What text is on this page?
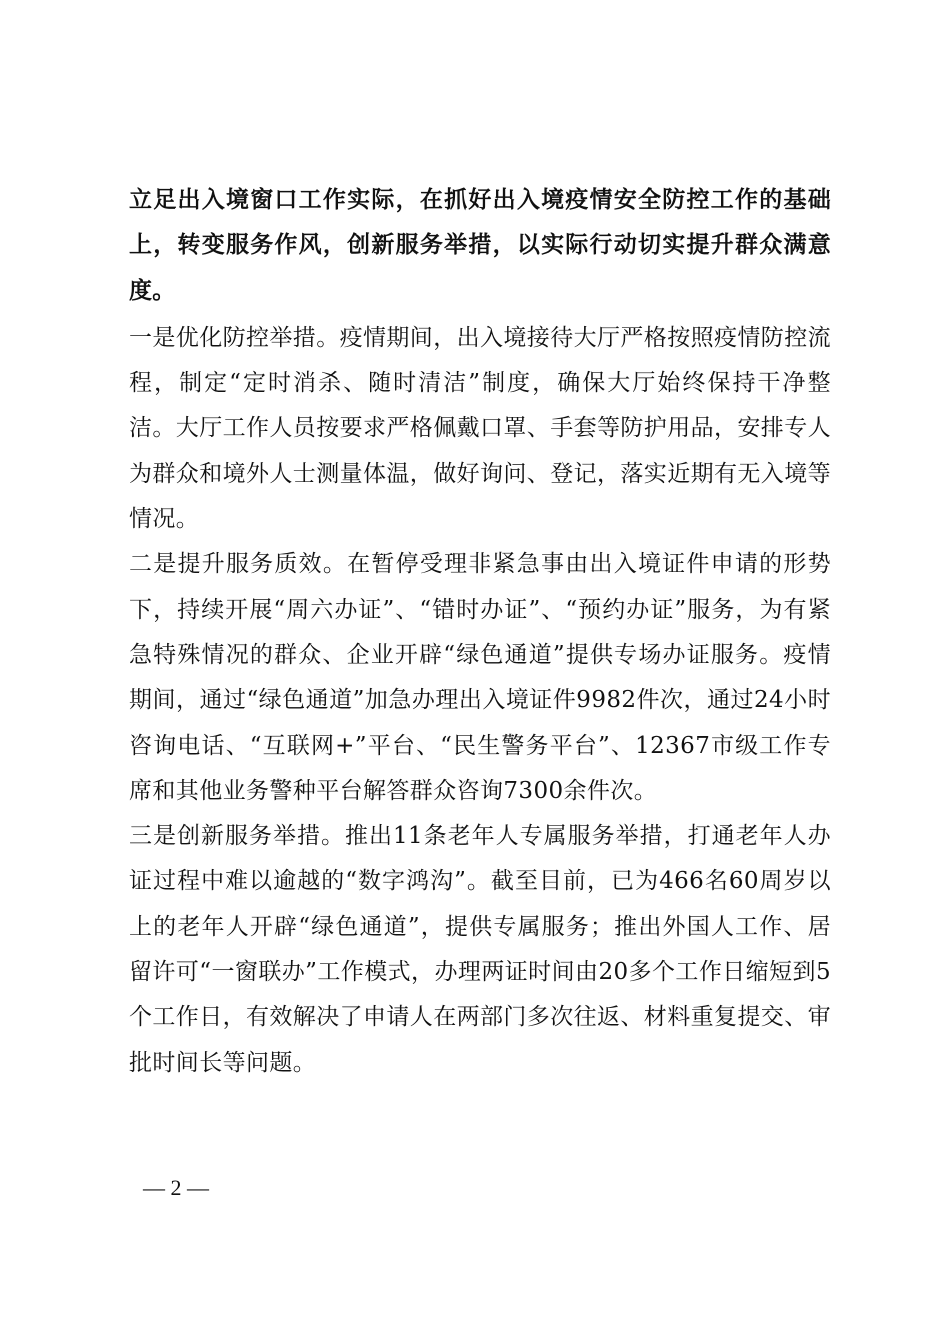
立足出入境窗口工作实际，在抓好出入境疫情安全防控工作的基础上，转变服务作风，创新服务举措，以实际行动切实提升群众满意度。

一是优化防控举措。疫情期间，出入境接待大厅严格按照疫情防控流程，制定“定时消杀、随时清洁”制度，确保大厅始终保持干净整洁。大厅工作人员按要求严格佩戴口罩、手套等防护用品，安排专人为群众和境外人士测量体温，做好询问、登记，落实近期有无入境等情况。

二是提升服务质效。在暂停受理非紧急事由出入境证件申请的形势下，持续开展“周六办证”、“错时办证”、“预约办证”服务，为有紧急特殊情况的群众、企业开辟“绿色通道”提供专场办证服务。疫情期间，通过“绿色通道”加急办理出入境证件9982件次，通过24小时咨询电话、“互联网+”平台、“民生警务平台”、12367市级工作专席和其他业务警种平台解答群众咨询7300余件次。

三是创新服务举措。推出11条老年人专属服务举措，打通老年人办证过程中难以逾越的“数字鸿沟”。截至目前，已为466名60周岁以上的老年人开辟“绿色通道”，提供专属服务；推出外国人工作、居留许可“一窗联办”工作模式，办理两证时间由20多个工作日缩短到5个工作日，有效解决了申请人在两部门多次往返、材料重复提交、审批时间长等问题。

— 2 —
